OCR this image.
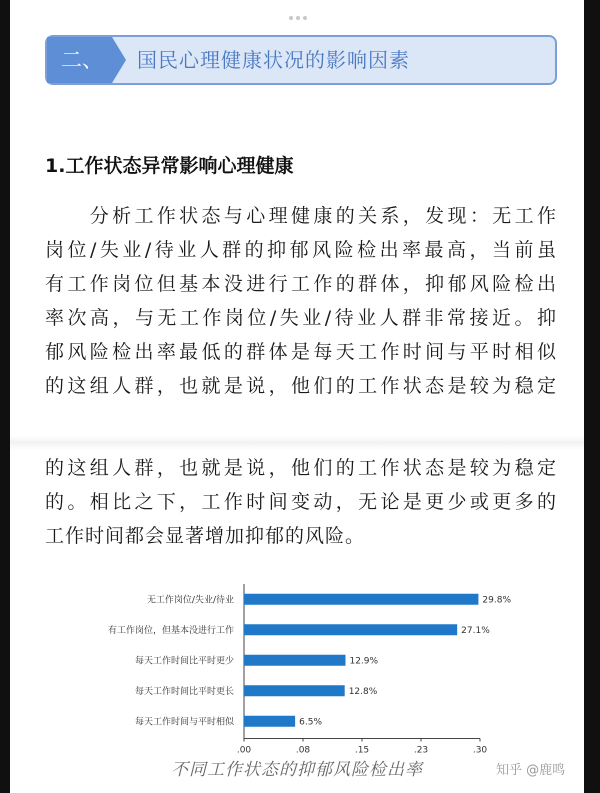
二、	国民心理健康状况的影响因素
1.工作状态异常影响心理健康
　　分析工作状态与心理健康的关系，发现：无工作
岗位/失业/待业人群的抑郁风险检出率最高，当前虽
有工作岗位但基本没进行工作的群体，抑郁风险检出
率次高，与无工作岗位/失业/待业人群非常接近。抑
郁风险检出率最低的群体是每天工作时间与平时相似
的这组人群，也就是说，他们的工作状态是较为稳定
的这组人群，也就是说，他们的工作状态是较为稳定
的。相比之下，工作时间变动，无论是更少或更多的
工作时间都会显著增加抑郁的风险。
无工作岗位/失业/待业	29.8%
有工作岗位，但基本没进行工作	27.1%
每天工作时间比平时更少	12.9%
每天工作时间比平时更长	12.8%
每天工作时间与平时相似	6.5%
.00	.08	.15	.23	.30
不同工作状态的抑郁风险检出率	知乎 @鹿鸣
